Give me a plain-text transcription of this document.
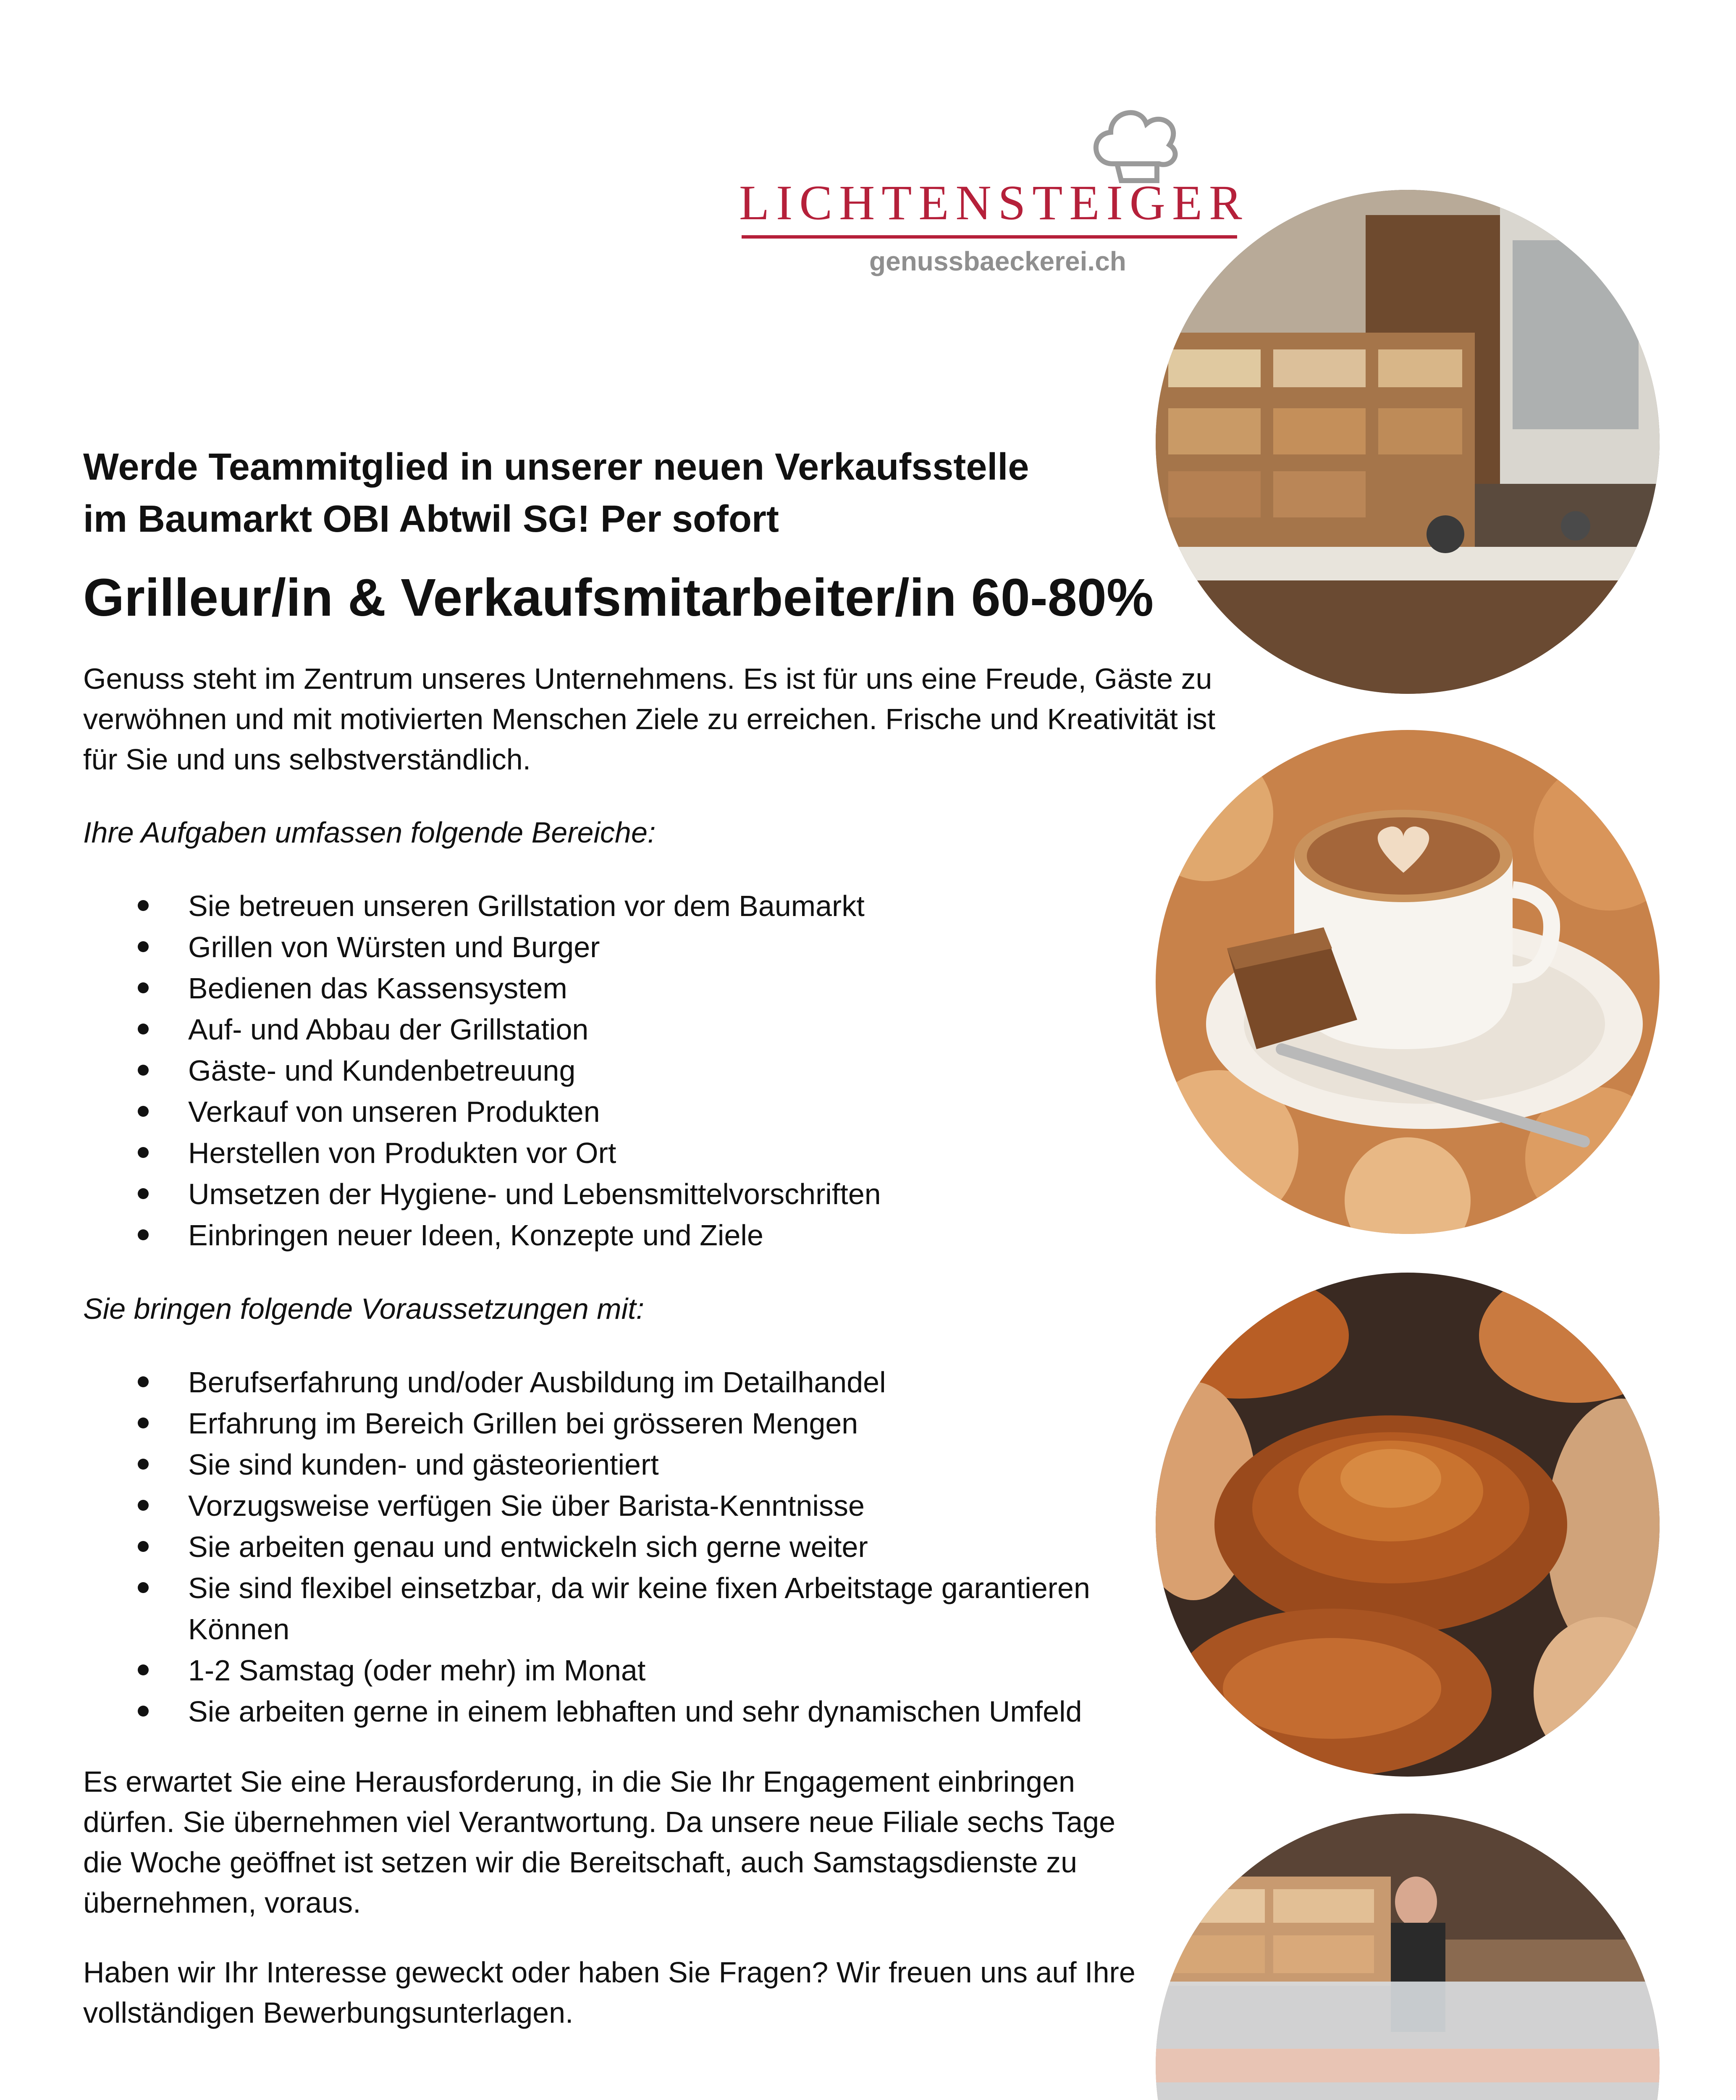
LICHTENSTEIGER
genussbaeckerei.ch
Werde Teammitglied in unserer neuen Verkaufsstelle
im Baumarkt OBI Abtwil SG! Per sofort
Grilleur/in & Verkaufsmitarbeiter/in 60-80%

Genuss steht im Zentrum unseres Unternehmens. Es ist für uns eine Freude, Gäste zu verwöhnen und mit motivierten Menschen Ziele zu erreichen. Frische und Kreativität ist für Sie und uns selbstverständlich.

Ihre Aufgaben umfassen folgende Bereiche:
Sie betreuen unseren Grillstation vor dem Baumarkt
Grillen von Würsten und Burger
Bedienen das Kassensystem
Auf- und Abbau der Grillstation
Gäste- und Kundenbetreuung
Verkauf von unseren Produkten
Herstellen von Produkten vor Ort
Umsetzen der Hygiene- und Lebensmittelvorschriften
Einbringen neuer Ideen, Konzepte und Ziele
Sie bringen folgende Voraussetzungen mit:
Berufserfahrung und/oder Ausbildung im Detailhandel
Erfahrung im Bereich Grillen bei grösseren Mengen
Sie sind kunden- und gästeorientiert
Vorzugsweise verfügen Sie über Barista-Kenntnisse
Sie arbeiten genau und entwickeln sich gerne weiter
Sie sind flexibel einsetzbar, da wir keine fixen Arbeitstage garantieren Können
1-2 Samstag (oder mehr) im Monat
Sie arbeiten gerne in einem lebhaften und sehr dynamischen Umfeld

Es erwartet Sie eine Herausforderung, in die Sie Ihr Engagement einbringen dürfen. Sie übernehmen viel Verantwortung. Da unsere neue Filiale sechs Tage die Woche geöffnet ist setzen wir die Bereitschaft, auch Samstagsdienste zu übernehmen, voraus.

Haben wir Ihr Interesse geweckt oder haben Sie Fragen? Wir freuen uns auf Ihre vollständigen Bewerbungsunterlagen.
